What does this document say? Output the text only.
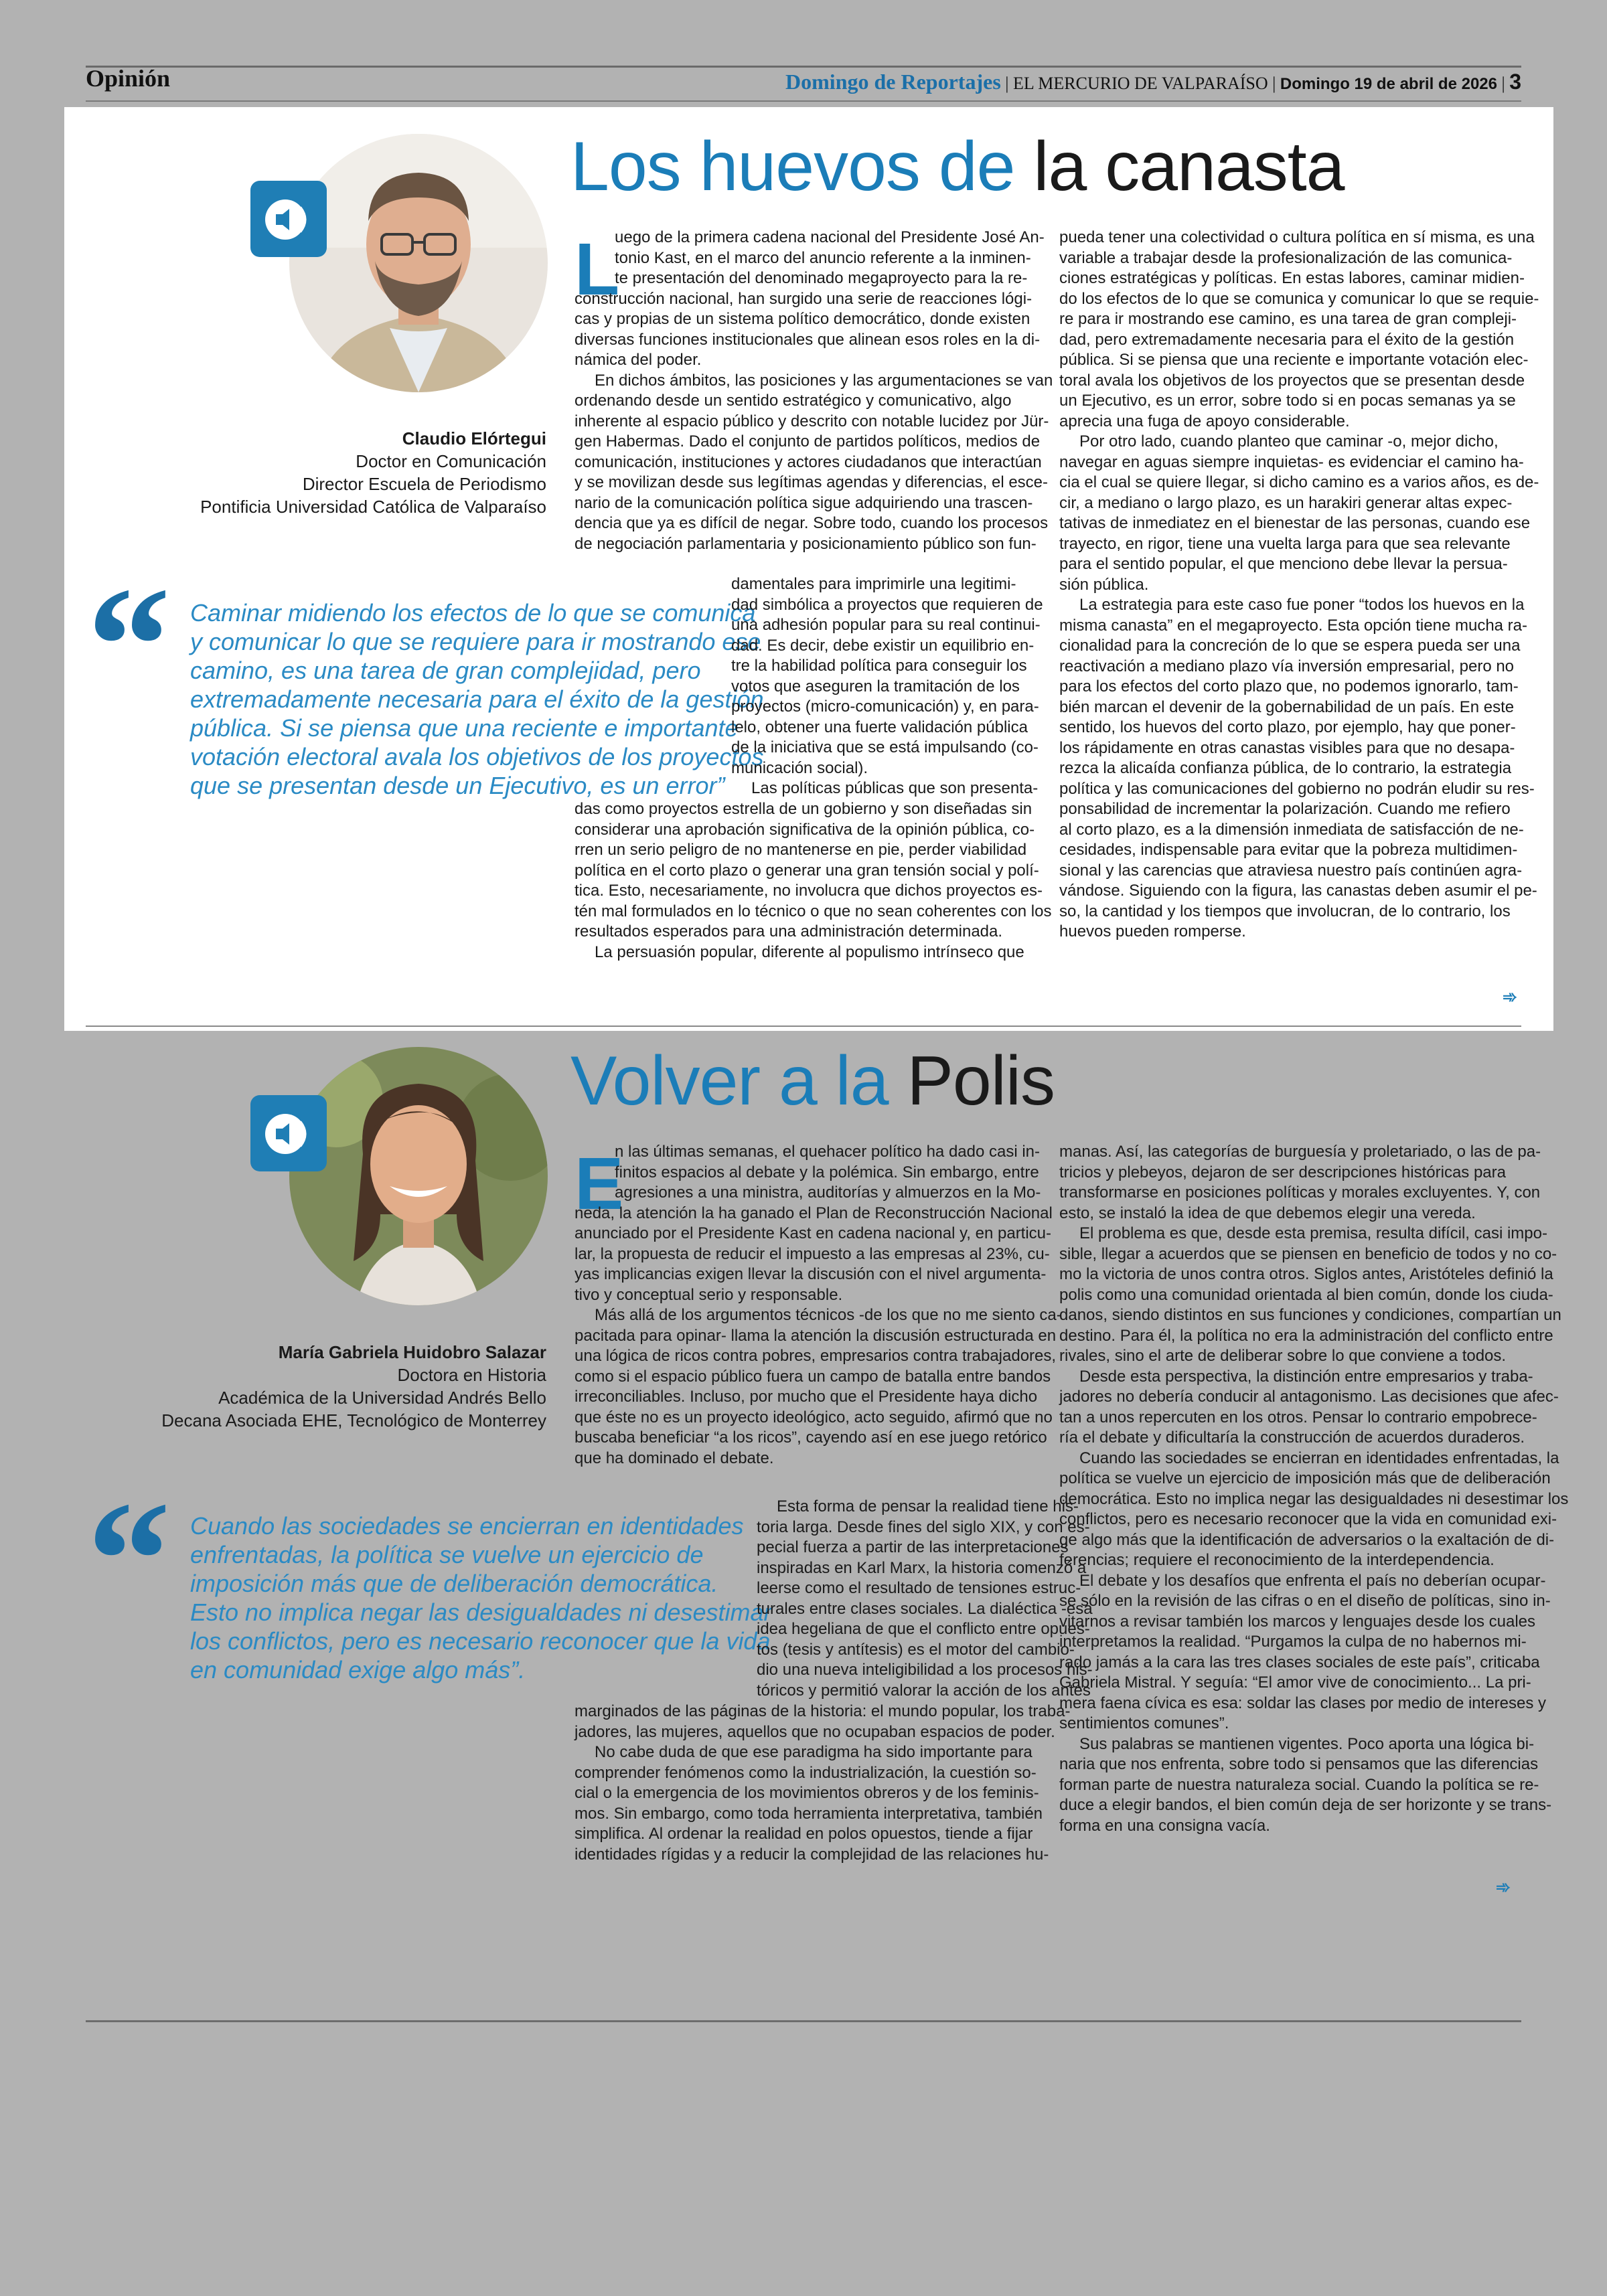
Opinión	Domingo de Reportajes | EL MERCURIO DE VALPARAÍSO | Domingo 19 de abril de 2026 | 3
Los huevos de la canasta
Claudio Elórtegui
Doctor en Comunicación
Director Escuela de Periodismo
Pontificia Universidad Católica de Valparaíso
“ Caminar midiendo los efectos de lo que se comunica
y comunicar lo que se requiere para ir mostrando ese
camino, es una tarea de gran complejidad, pero
extremadamente necesaria para el éxito de la gestión
pública. Si se piensa que una reciente e importante
votación electoral avala los objetivos de los proyectos
que se presentan desde un Ejecutivo, es un error”
L
uego de la primera cadena nacional del Presidente José An-
tonio Kast, en el marco del anuncio referente a la inminen-
te presentación del denominado megaproyecto para la re-
construcción nacional, han surgido una serie de reacciones lógi-
cas y propias de un sistema político democrático, donde existen
diversas funciones institucionales que alinean esos roles en la di-
námica del poder.
En dichos ámbitos, las posiciones y las argumentaciones se van
ordenando desde un sentido estratégico y comunicativo, algo
inherente al espacio público y descrito con notable lucidez por Jür-
gen Habermas. Dado el conjunto de partidos políticos, medios de
comunicación, instituciones y actores ciudadanos que interactúan
y se movilizan desde sus legítimas agendas y diferencias, el esce-
nario de la comunicación política sigue adquiriendo una trascen-
dencia que ya es difícil de negar. Sobre todo, cuando los procesos
de negociación parlamentaria y posicionamiento público son fun-
damentales para imprimirle una legitimi-
dad simbólica a proyectos que requieren de
una adhesión popular para su real continui-
dad. Es decir, debe existir un equilibrio en-
tre la habilidad política para conseguir los
votos que aseguren la tramitación de los
proyectos (micro-comunicación) y, en para-
lelo, obtener una fuerte validación pública
de la iniciativa que se está impulsando (co-
municación social).
Las políticas públicas que son presenta-
das como proyectos estrella de un gobierno y son diseñadas sin
considerar una aprobación significativa de la opinión pública, co-
rren un serio peligro de no mantenerse en pie, perder viabilidad
política en el corto plazo o generar una gran tensión social y polí-
tica. Esto, necesariamente, no involucra que dichos proyectos es-
tén mal formulados en lo técnico o que no sean coherentes con los
resultados esperados para una administración determinada.
La persuasión popular, diferente al populismo intrínseco que
pueda tener una colectividad o cultura política en sí misma, es una
variable a trabajar desde la profesionalización de las comunica-
ciones estratégicas y políticas. En estas labores, caminar midien-
do los efectos de lo que se comunica y comunicar lo que se requie-
re para ir mostrando ese camino, es una tarea de gran compleji-
dad, pero extremadamente necesaria para el éxito de la gestión
pública. Si se piensa que una reciente e importante votación elec-
toral avala los objetivos de los proyectos que se presentan desde
un Ejecutivo, es un error, sobre todo si en pocas semanas ya se
apreciа una fuga de apoyo considerable.
Por otro lado, cuando planteo que caminar -o, mejor dicho,
navegar en aguas siempre inquietas- es evidenciar el camino ha-
cia el cual se quiere llegar, si dicho camino es a varios años, es de-
cir, a mediano o largo plazo, es un harakiri generar altas expec-
tativas de inmediatez en el bienestar de las personas, cuando ese
trayecto, en rigor, tiene una vuelta larga para que sea relevante
para el sentido popular, el que menciono debe llevar la persua-
sión pública.
La estrategia para este caso fue poner “todos los huevos en la
misma canasta” en el megaproyecto. Esta opción tiene mucha ra-
cionalidad para la concreción de lo que se espera pueda ser una
reactivación a mediano plazo vía inversión empresarial, pero no
para los efectos del corto plazo que, no podemos ignorarlo, tam-
bién marcan el devenir de la gobernabilidad de un país. En este
sentido, los huevos del corto plazo, por ejemplo, hay que poner-
los rápidamente en otras canastas visibles para que no desapa-
rezca la alicaída confianza pública, de lo contrario, la estrategia
política y las comunicaciones del gobierno no podrán eludir su res-
ponsabilidad de incrementar la polarización. Cuando me refiero
al corto plazo, es a la dimensión inmediata de satisfacción de ne-
cesidades, indispensable para evitar que la pobreza multidimen-
sional y las carencias que atraviesa nuestro país continúen agra-
vándose. Siguiendo con la figura, las canastas deben asumir el pe-
so, la cantidad y los tiempos que involucran, de lo contrario, los
huevos pueden romperse.
➾
Volver a la Polis
María Gabriela Huidobro Salazar
Doctora en Historia
Académica de la Universidad Andrés Bello
Decana Asociada EHE, Tecnológico de Monterrey
“ Cuando las sociedades se encierran en identidades
enfrentadas, la política se vuelve un ejercicio de
imposición más que de deliberación democrática.
Esto no implica negar las desigualdades ni desestimar
los conflictos, pero es necesario reconocer que la vida
en comunidad exige algo más”.
E
n las últimas semanas, el quehacer político ha dado casi in-
finitos espacios al debate y la polémica. Sin embargo, entre
agresiones a una ministra, auditorías y almuerzos en la Mo-
neda, la atención la ha ganado el Plan de Reconstrucción Nacional
anunciado por el Presidente Kast en cadena nacional y, en particu-
lar, la propuesta de reducir el impuesto a las empresas al 23%, cu-
yas implicancias exigen llevar la discusión con el nivel argumenta-
tivo y conceptual serio y responsable.
Más allá de los argumentos técnicos -de los que no me siento ca-
pacitada para opinar- llama la atención la discusión estructurada en
una lógica de ricos contra pobres, empresarios contra trabajadores,
como si el espacio público fuera un campo de batalla entre bandos
irreconciliables. Incluso, por mucho que el Presidente haya dicho
que éste no es un proyecto ideológico, acto seguido, afirmó que no
buscaba beneficiar “a los ricos”, cayendo así en ese juego retórico
que ha dominado el debate.
Esta forma de pensar la realidad tiene his-
toria larga. Desde fines del siglo XIX, y con es-
pecial fuerza a partir de las interpretaciones
inspiradas en Karl Marx, la historia comenzó a
leerse como el resultado de tensiones estruc-
turales entre clases sociales. La dialéctica -esa
idea hegeliana de que el conflicto entre opues-
tos (tesis y antítesis) es el motor del cambio-
dio una nueva inteligibilidad a los procesos his-
tóricos y permitió valorar la acción de los antes
marginados de las páginas de la historia: el mundo popular, los traba-
jadores, las mujeres, aquellos que no ocupaban espacios de poder.
No cabe duda de que ese paradigma ha sido importante para
comprender fenómenos como la industrialización, la cuestión so-
cial o la emergencia de los movimientos obreros y de los feminis-
mos. Sin embargo, como toda herramienta interpretativa, también
simplifica. Al ordenar la realidad en polos opuestos, tiende a fijar
identidades rígidas y a reducir la complejidad de las relaciones hu-
manas. Así, las categorías de burguesía y proletariado, o las de pa-
tricios y plebeyos, dejaron de ser descripciones históricas para
transformarse en posiciones políticas y morales excluyentes. Y, con
esto, se instaló la idea de que debemos elegir una vereda.
El problema es que, desde esta premisa, resulta difícil, casi impo-
sible, llegar a acuerdos que se piensen en beneficio de todos y no co-
mo la victoria de unos contra otros. Siglos antes, Aristóteles definió la
polis como una comunidad orientada al bien común, donde los ciuda-
danos, siendo distintos en sus funciones y condiciones, compartían un
destino. Para él, la política no era la administración del conflicto entre
rivales, sino el arte de deliberar sobre lo que conviene a todos.
Desde esta perspectiva, la distinción entre empresarios y traba-
jadores no debería conducir al antagonismo. Las decisiones que afec-
tan a unos repercuten en los otros. Pensar lo contrario empobrece-
ría el debate y dificultaría la construcción de acuerdos duraderos.
Cuando las sociedades se encierran en identidades enfrentadas, la
política se vuelve un ejercicio de imposición más que de deliberación
democrática. Esto no implica negar las desigualdades ni desestimar los
conflictos, pero es necesario reconocer que la vida en comunidad exi-
ge algo más que la identificación de adversarios o la exaltación de di-
ferencias; requiere el reconocimiento de la interdependencia.
El debate y los desafíos que enfrenta el país no deberían ocupar-
se sólo en la revisión de las cifras o en el diseño de políticas, sino in-
vitarnos a revisar también los marcos y lenguajes desde los cuales
interpretamos la realidad. “Purgamos la culpa de no habernos mi-
rado jamás a la cara las tres clases sociales de este país”, criticaba
Gabriela Mistral. Y seguía: “El amor vive de conocimiento... La pri-
mera faena cívica es esa: soldar las clases por medio de intereses y
sentimientos comunes”.
Sus palabras se mantienen vigentes. Poco aporta una lógica bi-
naria que nos enfrenta, sobre todo si pensamos que las diferencias
forman parte de nuestra naturaleza social. Cuando la política se re-
duce a elegir bandos, el bien común deja de ser horizonte y se trans-
forma en una consigna vacía.
➾
